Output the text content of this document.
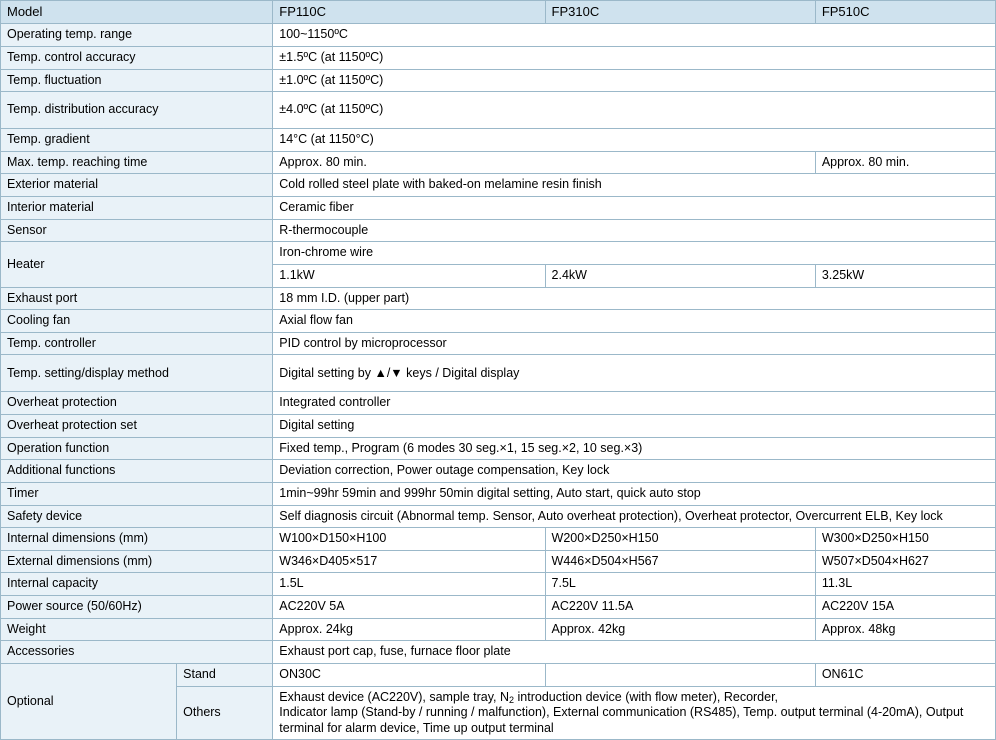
Model		FP110C	FP310C	FP510C
Operating temp. range		100~1150ºC		
Temp. control accuracy		±1.5ºC (at 1150ºC)		
Temp. fluctuation		±1.0ºC (at 1150ºC)		
Temp. distribution accuracy		±4.0ºC (at 1150ºC)		
Temp. gradient		14°C (at 1150°C)		
Max. temp. reaching time		Approx. 80 min.		Approx. 80 min.
Exterior material		Cold rolled steel plate with baked-on melamine resin finish		
Interior material		Ceramic fiber		
Sensor		R-thermocouple		
Heater		Iron-chrome wire		
		1.1kW	2.4kW	3.25kW
Exhaust port		18 mm I.D. (upper part)		
Cooling fan		Axial flow fan		
Temp. controller		PID control by microprocessor		
Temp. setting/display method		Digital setting by ▲/▼ keys / Digital display		
Overheat protection		Integrated controller		
Overheat protection set		Digital setting		
Operation function		Fixed temp., Program (6 modes 30 seg.×1, 15 seg.×2, 10 seg.×3)		
Additional functions		Deviation correction, Power outage compensation, Key lock		
Timer		1min~99hr 59min and 999hr 50min digital setting, Auto start, quick auto stop		
Safety device		Self diagnosis circuit (Abnormal temp. Sensor, Auto overheat protection), Overheat protector, Overcurrent ELB, Key lock		
Internal dimensions (mm)		W100×D150×H100	W200×D250×H150	W300×D250×H150
External dimensions (mm)		W346×D405×517	W446×D504×H567	W507×D504×H627
Internal capacity		1.5L	7.5L	11.3L
Power source (50/60Hz)		AC220V 5A	AC220V 11.5A	AC220V 15A
Weight		Approx. 24kg	Approx. 42kg	Approx. 48kg
Accessories		Exhaust port cap, fuse, furnace floor plate		
Optional	Stand	ON30C		ON61C
	Others	Exhaust device (AC220V), sample tray, $N_2$ introduction device (with flow meter), Recorder,
Indicator lamp (Stand-by / running / malfunction), External communication (RS485), Temp. output terminal (4-20mA), Output
terminal for alarm device, Time up output terminal		
